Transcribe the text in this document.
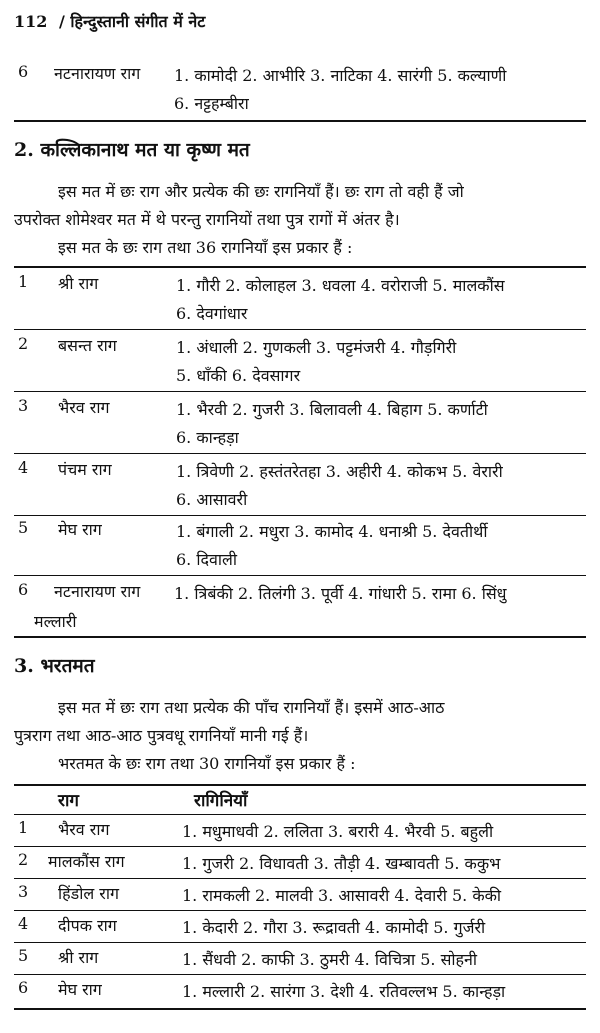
112 / हिन्दुस्तानी संगीत में नेट
6 नटनारायण राग 1. कामोदी 2. आभीरि 3. नाटिका 4. सारंगी 5. कल्याणी
6. नट्टहम्बीरा
2. कल्लिकानाथ मत या कृष्ण मत
इस मत में छः राग और प्रत्येक की छः रागनियाँ हैं। छः राग तो वही हैं जो
उपरोक्त शोमेश्वर मत में थे परन्तु रागनियों तथा पुत्र रागों में अंतर है।
इस मत के छः राग तथा 36 रागनियाँ इस प्रकार हैं :
1 श्री राग	1. गौरी 2. कोलाहल 3. धवला 4. वरोराजी 5. मालकौंस
6. देवगांधार
2 बसन्त राग	1. अंधाली 2. गुणकली 3. पट्टमंजरी 4. गौड़गिरी
5. धाँकी 6. देवसागर
3 भैरव राग	1. भैरवी 2. गुजरी 3. बिलावली 4. बिहाग 5. कर्णाटी
6. कान्हड़ा
4 पंचम राग	1. त्रिवेणी 2. हस्तंतरेतहा 3. अहीरी 4. कोकभ 5. वेरारी
6. आसावरी
5 मेघ राग	1. बंगाली 2. मधुरा 3. कामोद 4. धनाश्री 5. देवतीर्थी
6. दिवाली
6 नटनारायण राग 1. त्रिबंकी 2. तिलंगी 3. पूर्वी 4. गांधारी 5. रामा 6. सिंधु
मल्लारी
3. भरतमत
इस मत में छः राग तथा प्रत्येक की पाँच रागनियाँ हैं। इसमें आठ-आठ
पुत्रराग तथा आठ-आठ पुत्रवधू रागनियाँ मानी गई हैं।
भरतमत के छः राग तथा 30 रागनियाँ इस प्रकार हैं :
राग	रागिनियाँ
1 भैरव राग	1. मधुमाधवी 2. ललिता 3. बरारी 4. भैरवी 5. बहुली
2 मालकौंस राग	1. गुजरी 2. विधावती 3. तौड़ी 4. खम्बावती 5. ककुभ
3 हिंडोल राग	1. रामकली 2. मालवी 3. आसावरी 4. देवारी 5. केकी
4 दीपक राग	1. केदारी 2. गौरा 3. रूद्रावती 4. कामोदी 5. गुर्जरी
5 श्री राग	1. सैंधवी 2. काफी 3. ठुमरी 4. विचित्रा 5. सोहनी
6 मेघ राग	1. मल्लारी 2. सारंगा 3. देशी 4. रतिवल्लभ 5. कान्हड़ा
